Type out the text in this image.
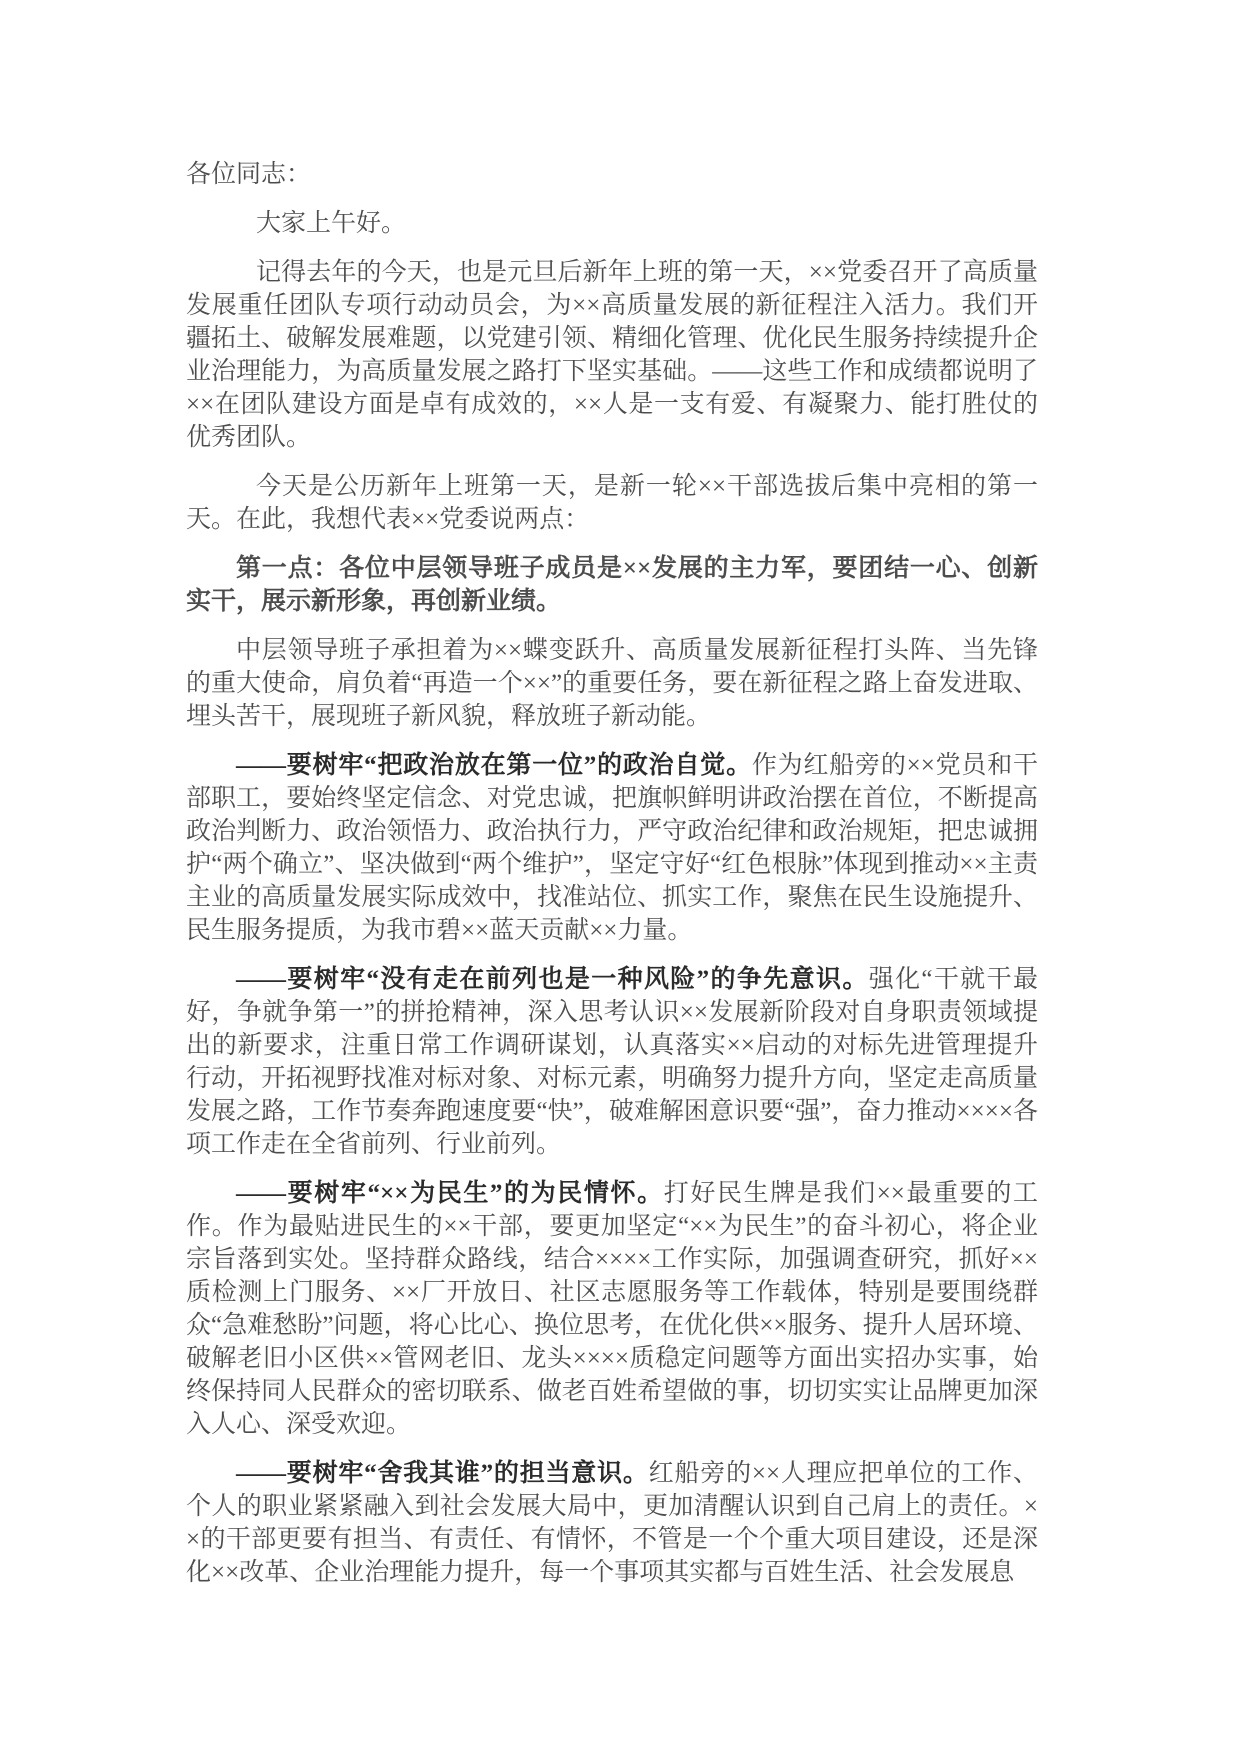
各位同志：

大家上午好。

记得去年的今天，也是元旦后新年上班的第一天，××党委召开了高质量发展重任团队专项行动动员会，为××高质量发展的新征程注入活力。我们开疆拓土、破解发展难题，以党建引领、精细化管理、优化民生服务持续提升企业治理能力，为高质量发展之路打下坚实基础。——这些工作和成绩都说明了××在团队建设方面是卓有成效的，××人是一支有爱、有凝聚力、能打胜仗的优秀团队。

今天是公历新年上班第一天，是新一轮××干部选拔后集中亮相的第一天。在此，我想代表××党委说两点：

第一点：各位中层领导班子成员是××发展的主力军，要团结一心、创新实干，展示新形象，再创新业绩。

中层领导班子承担着为××蝶变跃升、高质量发展新征程打头阵、当先锋的重大使命，肩负着“再造一个××”的重要任务，要在新征程之路上奋发进取、埋头苦干，展现班子新风貌，释放班子新动能。

——要树牢“把政治放在第一位”的政治自觉。作为红船旁的××党员和干部职工，要始终坚定信念、对党忠诚，把旗帜鲜明讲政治摆在首位，不断提高政治判断力、政治领悟力、政治执行力，严守政治纪律和政治规矩，把忠诚拥护“两个确立”、坚决做到“两个维护”，坚定守好“红色根脉”体现到推动××主责主业的高质量发展实际成效中，找准站位、抓实工作，聚焦在民生设施提升、民生服务提质，为我市碧××蓝天贡献××力量。

——要树牢“没有走在前列也是一种风险”的争先意识。强化“干就干最好，争就争第一”的拼抢精神，深入思考认识××发展新阶段对自身职责领域提出的新要求，注重日常工作调研谋划，认真落实××启动的对标先进管理提升行动，开拓视野找准对标对象、对标元素，明确努力提升方向，坚定走高质量发展之路，工作节奏奔跑速度要“快”，破难解困意识要“强”，奋力推动××××各项工作走在全省前列、行业前列。

——要树牢“××为民生”的为民情怀。打好民生牌是我们××最重要的工作。作为最贴进民生的××干部，要更加坚定“××为民生”的奋斗初心，将企业宗旨落到实处。坚持群众路线，结合××××工作实际，加强调查研究，抓好××质检测上门服务、××厂开放日、社区志愿服务等工作载体，特别是要围绕群众“急难愁盼”问题，将心比心、换位思考，在优化供××服务、提升人居环境、破解老旧小区供××管网老旧、龙头××××质稳定问题等方面出实招办实事，始终保持同人民群众的密切联系、做老百姓希望做的事，切切实实让品牌更加深入人心、深受欢迎。

——要树牢“舍我其谁”的担当意识。红船旁的××人理应把单位的工作、个人的职业紧紧融入到社会发展大局中，更加清醒认识到自己肩上的责任。××的干部更要有担当、有责任、有情怀，不管是一个个重大项目建设，还是深化××改革、企业治理能力提升，每一个事项其实都与百姓生活、社会发展息
